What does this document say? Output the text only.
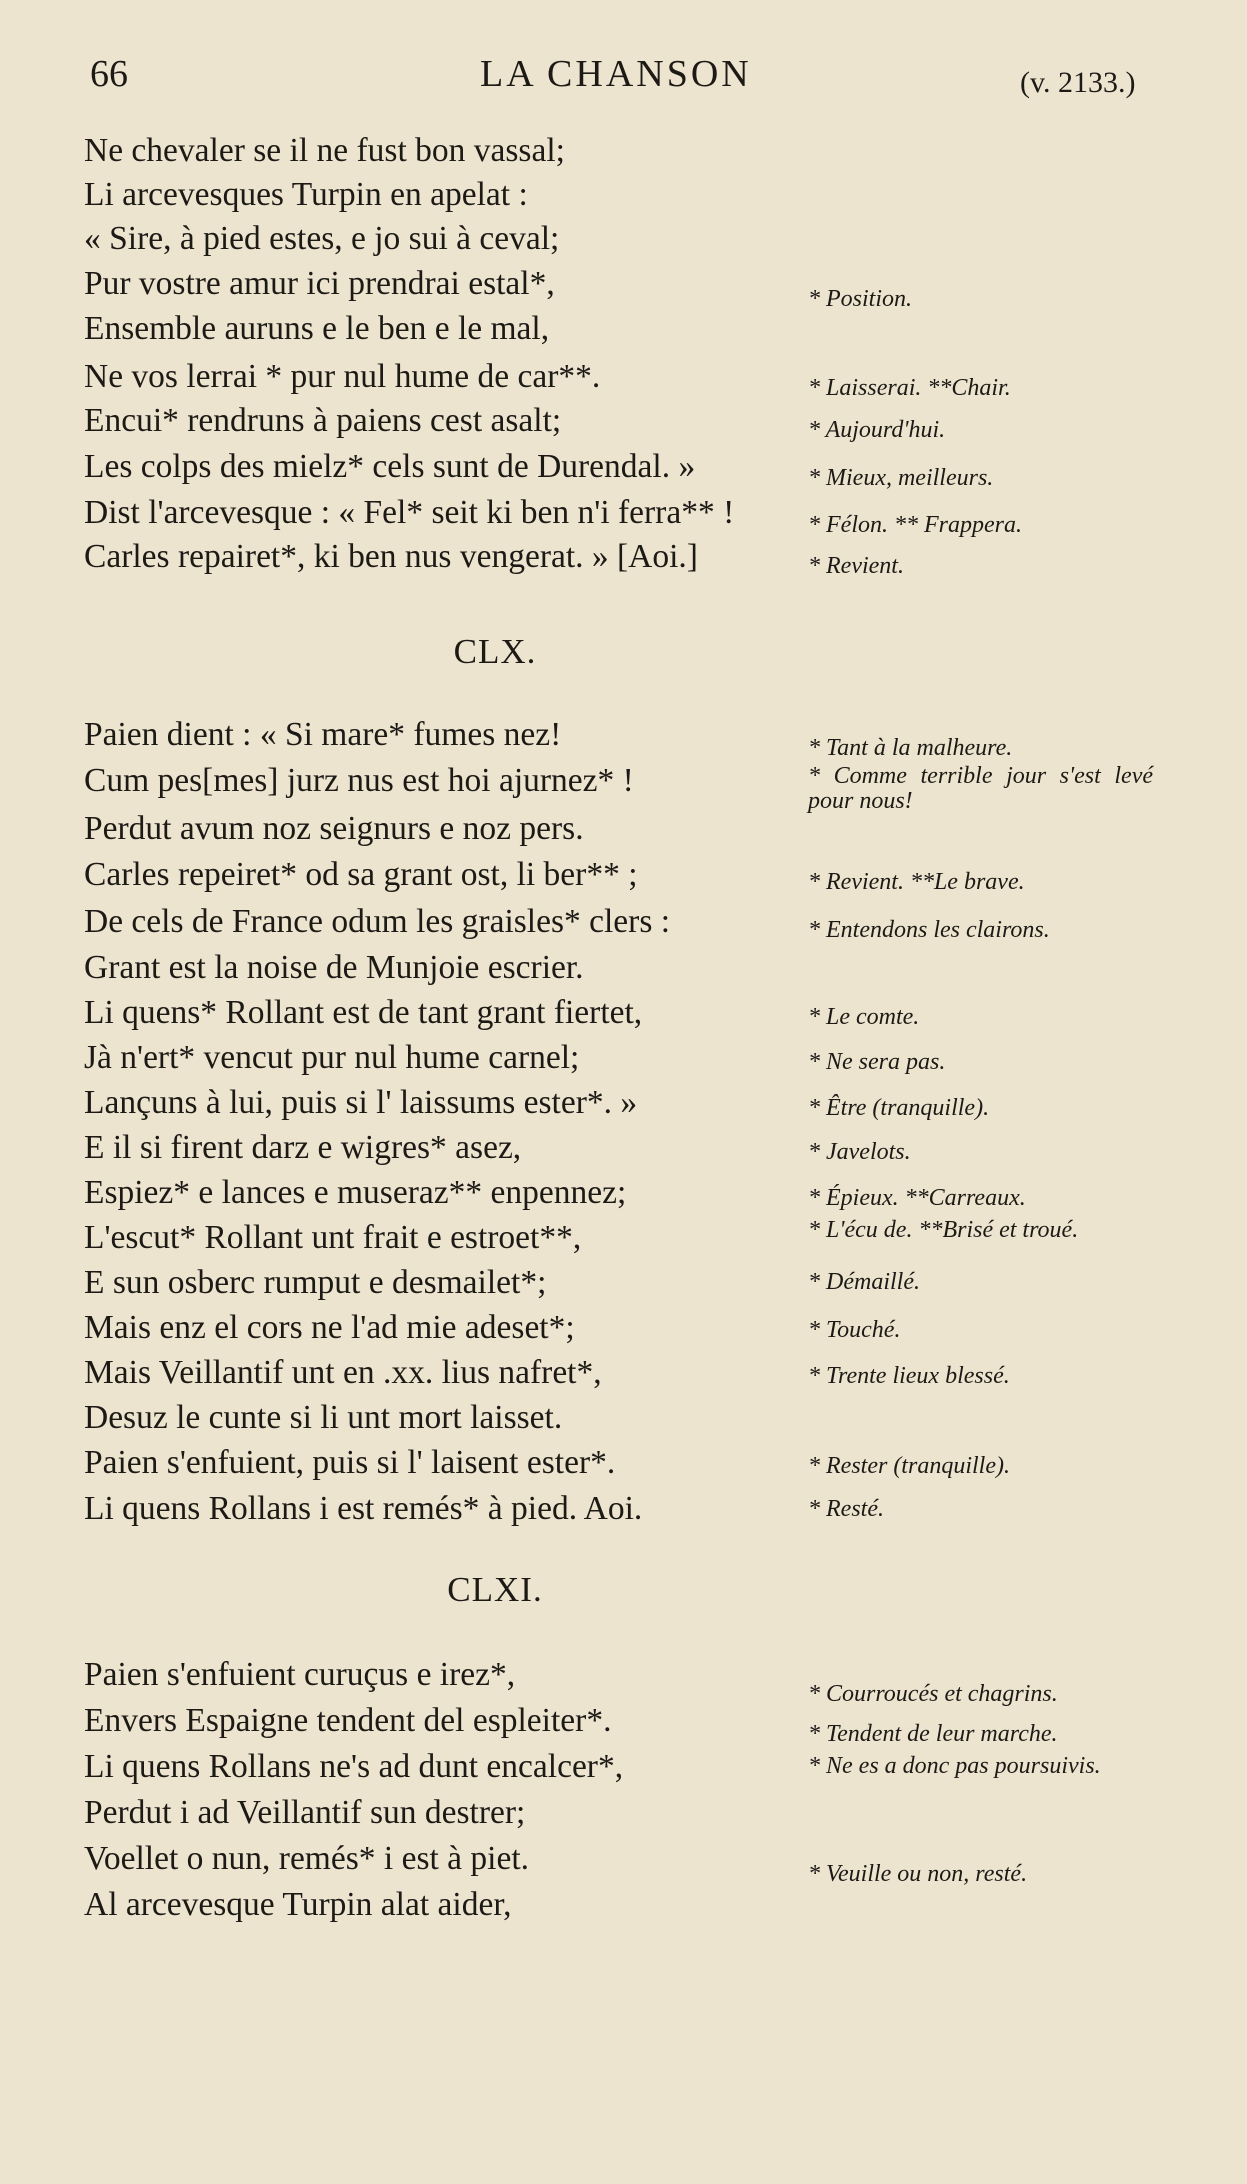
66	LA CHANSON	(v. 2133.)
Ne chevaler se il ne fust bon vassal;
Li arcevesques Turpin en apelat :
« Sire, à pied estes, e jo sui à ceval;
Pur vostre amur ici prendrai estal*,	* Position.
Ensemble auruns e le ben e le mal,
Ne vos lerrai * pur nul hume de car**.	* Laisserai. **Chair.
Encui* rendruns à paiens cest asalt;	* Aujourd'hui.
Les colps des mielz* cels sunt de Durendal. »	* Mieux, meilleurs.
Dist l'arcevesque : « Fel* seit ki ben n'i ferra** !	* Félon. ** Frappera.
Carles repairet*, ki ben nus vengerat. » [Aoi.]	* Revient.
CLX.
Paien dient : « Si mare* fumes nez!	* Tant à la malheure.
Cum pes[mes] jurz nus est hoi ajurnez* !	* Comme terrible jour s'est levé pour nous!
Perdut avum noz seignurs e noz pers.
Carles repeiret* od sa grant ost, li ber** ;	* Revient. **Le brave.
De cels de France odum les graisles* clers :	* Entendons les clairons.
Grant est la noise de Munjoie escrier.
Li quens* Rollant est de tant grant fiertet,	* Le comte.
Jà n'ert* vencut pur nul hume carnel;	* Ne sera pas.
Lançuns à lui, puis si l' laissums ester*. »	* Être (tranquille).
E il si firent darz e wigres* asez,	* Javelots.
Espiez* e lances e museraz** enpennez;	* Épieux. **Carreaux.
L'escut* Rollant unt frait e estroet**,	* L'écu de. **Brisé et troué.
E sun osberc rumput e desmailet*;	* Démaillé.
Mais enz el cors ne l'ad mie adeset*;	* Touché.
Mais Veillantif unt en .xx. lius nafret*,	* Trente lieux blessé.
Desuz le cunte si li unt mort laisset.
Paien s'enfuient, puis si l' laisent ester*.	* Rester (tranquille).
Li quens Rollans i est remés* à pied. Aoi.	* Resté.
CLXI.
Paien s'enfuient curuçus e irez*,
* Courroucés et chagrins.
Envers Espaigne tendent del espleiter*.	* Tendent de leur marche.
Li quens Rollans ne's ad dunt encalcer*,	* Ne es a donc pas poursuivis.
Perdut i ad Veillantif sun destrer;
Voellet o nun, remés* i est à piet.	* Veuille ou non, resté.
Al arcevesque Turpin alat aider,
